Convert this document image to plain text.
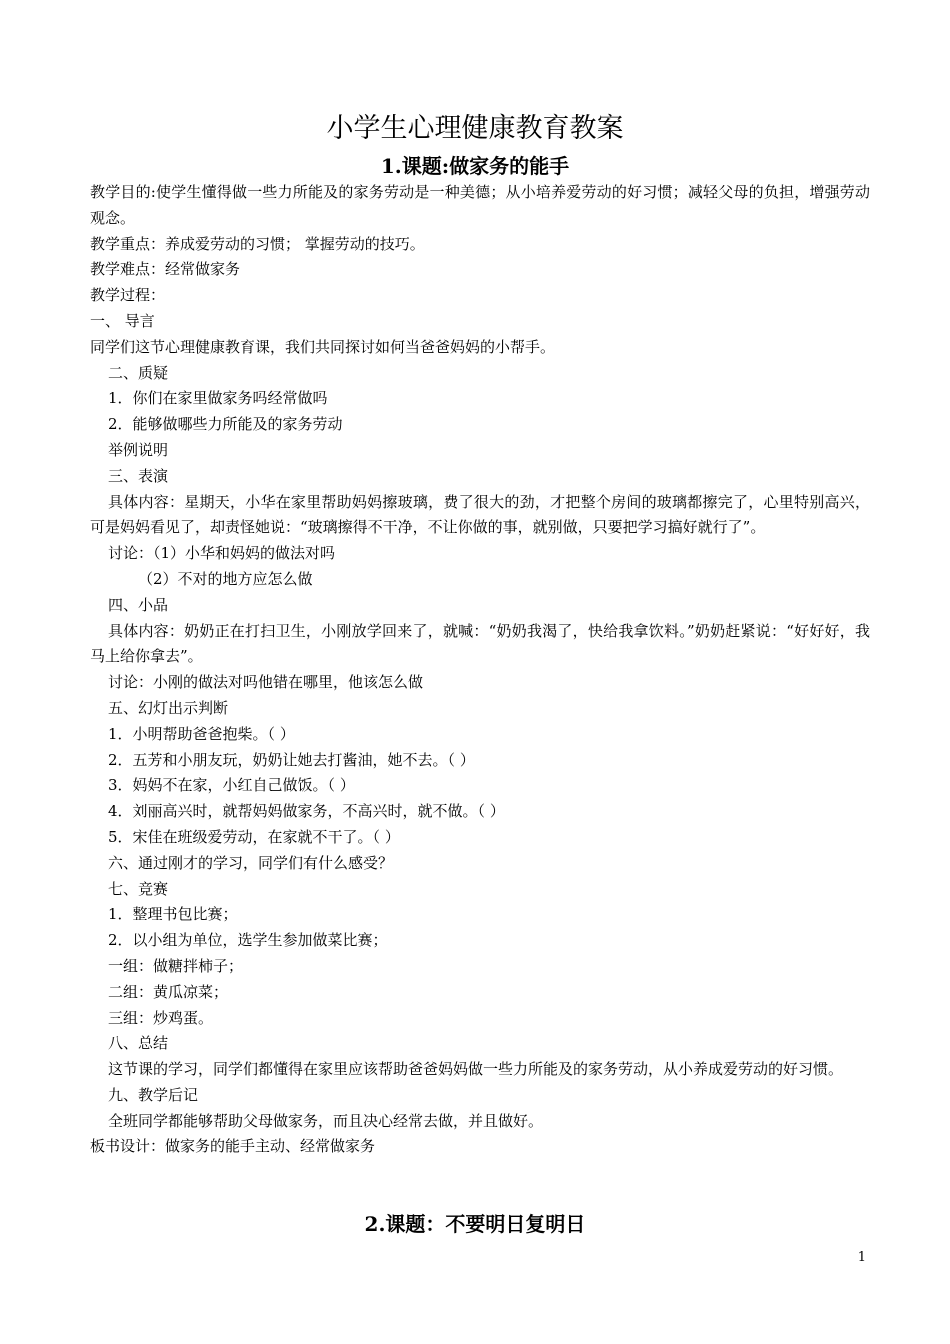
小学生心理健康教育教案
1.课题:做家务的能手
教学目的:使学生懂得做一些力所能及的家务劳动是一种美德；从小培养爱劳动的好习惯；减轻父母的负担，增强劳动观念。
教学重点：养成爱劳动的习惯； 掌握劳动的技巧。
教学难点：经常做家务
教学过程：
一、 导言
同学们这节心理健康教育课，我们共同探讨如何当爸爸妈妈的小帮手。
二、质疑
1．你们在家里做家务吗经常做吗
2．能够做哪些力所能及的家务劳动
举例说明
三、表演
具体内容：星期天，小华在家里帮助妈妈擦玻璃，费了很大的劲，才把整个房间的玻璃都擦完了，心里特别高兴，可是妈妈看见了，却责怪她说：“玻璃擦得不干净，不让你做的事，就别做，只要把学习搞好就行了”。
讨论：（1）小华和妈妈的做法对吗
（2）不对的地方应怎么做
四、小品
具体内容：奶奶正在打扫卫生，小刚放学回来了，就喊：“奶奶我渴了，快给我拿饮料。”奶奶赶紧说：“好好好，我马上给你拿去”。
讨论：小刚的做法对吗他错在哪里，他该怎么做
五、幻灯出示判断
1．小明帮助爸爸抱柴。（ ）
2．五芳和小朋友玩，奶奶让她去打酱油，她不去。（ ）
3．妈妈不在家，小红自己做饭。（ ）
4．刘丽高兴时，就帮妈妈做家务，不高兴时，就不做。（ ）
5．宋佳在班级爱劳动，在家就不干了。（ ）
六、通过刚才的学习，同学们有什么感受？
七、竞赛
1．整理书包比赛；
2．以小组为单位，选学生参加做菜比赛；
一组：做糖拌柿子；
二组：黄瓜凉菜；
三组：炒鸡蛋。
八、总结
这节课的学习，同学们都懂得在家里应该帮助爸爸妈妈做一些力所能及的家务劳动，从小养成爱劳动的好习惯。
九、教学后记
全班同学都能够帮助父母做家务，而且决心经常去做，并且做好。
板书设计：做家务的能手主动、经常做家务
2.课题：不要明日复明日
1
